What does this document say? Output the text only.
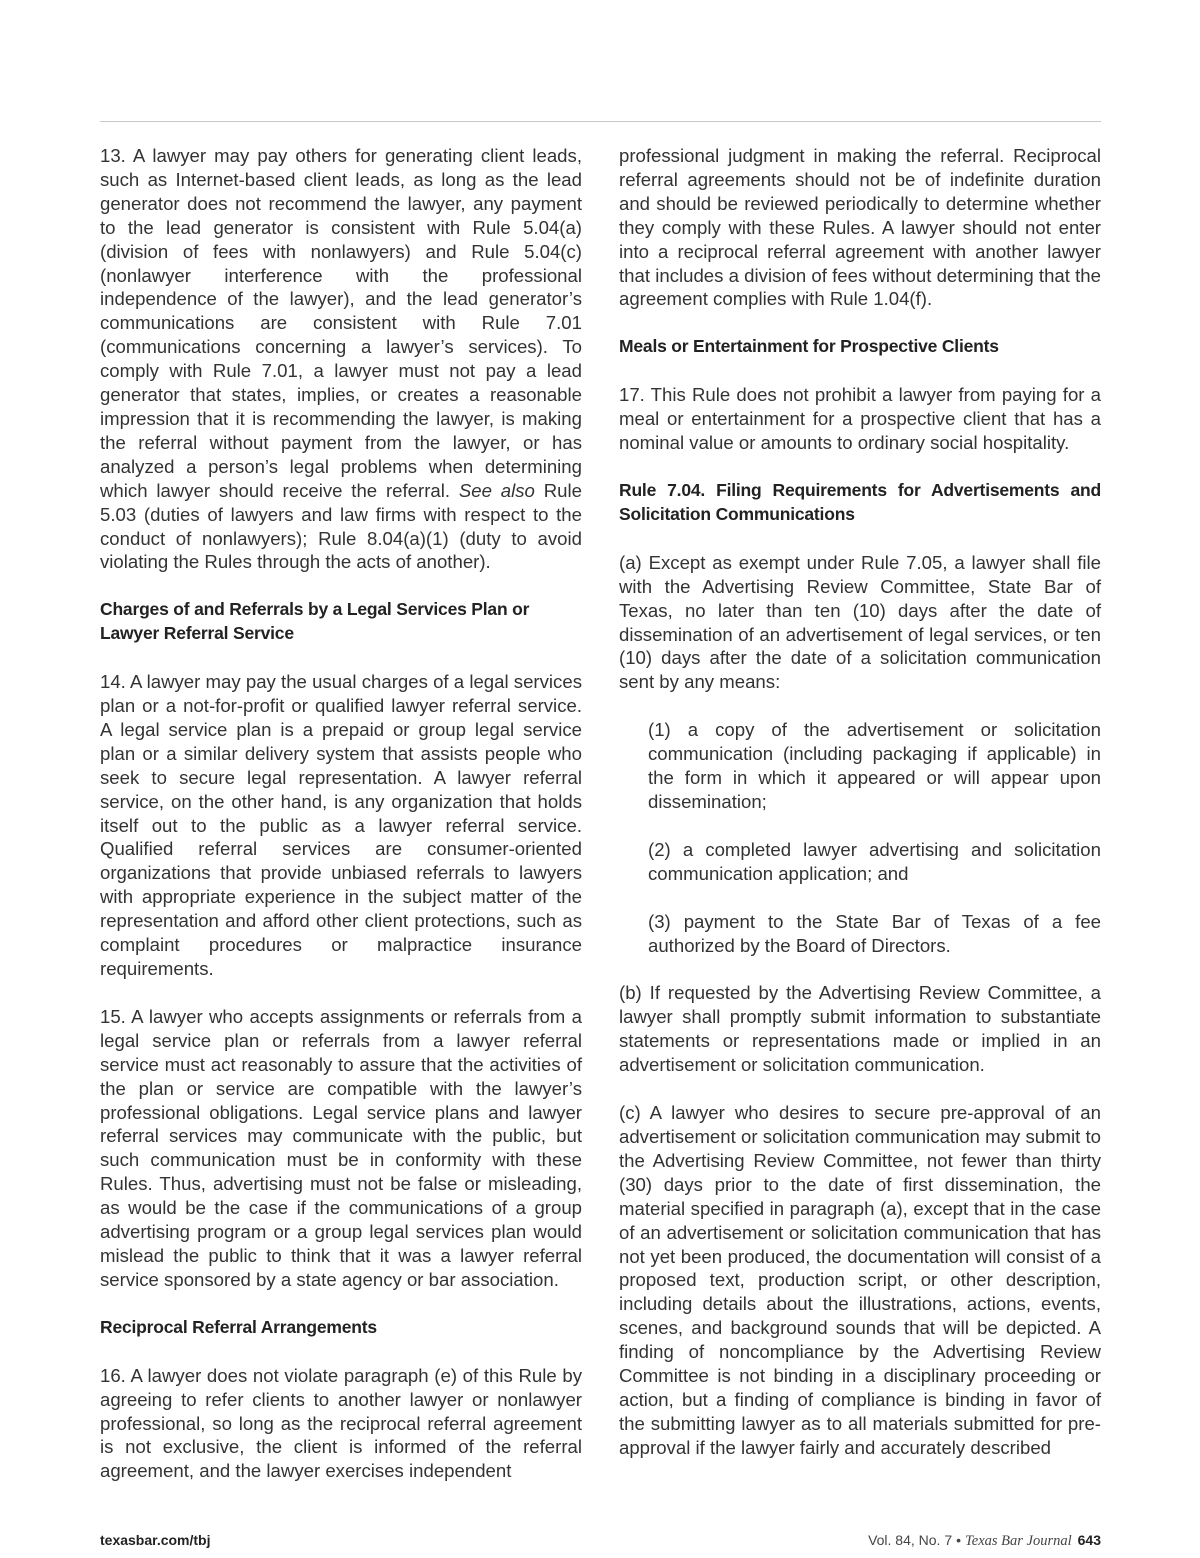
13. A lawyer may pay others for generating client leads, such as Internet-based client leads, as long as the lead generator does not recommend the lawyer, any payment to the lead generator is consistent with Rule 5.04(a) (division of fees with nonlawyers) and Rule 5.04(c) (nonlawyer interference with the professional independence of the lawyer), and the lead generator’s communications are consistent with Rule 7.01 (communications concerning a lawyer’s services). To comply with Rule 7.01, a lawyer must not pay a lead generator that states, implies, or creates a reasonable impression that it is recommending the lawyer, is making the referral without payment from the lawyer, or has analyzed a person’s legal problems when determining which lawyer should receive the referral. See also Rule 5.03 (duties of lawyers and law firms with respect to the conduct of nonlawyers); Rule 8.04(a)(1) (duty to avoid violating the Rules through the acts of another).

Charges of and Referrals by a Legal Services Plan or Lawyer Referral Service

14. A lawyer may pay the usual charges of a legal services plan or a not-for-profit or qualified lawyer referral service. A legal service plan is a prepaid or group legal service plan or a similar delivery system that assists people who seek to secure legal representation. A lawyer referral service, on the other hand, is any organization that holds itself out to the public as a lawyer referral service. Qualified referral services are consumer-oriented organizations that provide unbiased referrals to lawyers with appropriate experience in the subject matter of the representation and afford other client protections, such as complaint procedures or malpractice insurance requirements.

15. A lawyer who accepts assignments or referrals from a legal service plan or referrals from a lawyer referral service must act reasonably to assure that the activities of the plan or service are compatible with the lawyer’s professional obligations. Legal service plans and lawyer referral services may communicate with the public, but such communication must be in conformity with these Rules. Thus, advertising must not be false or misleading, as would be the case if the communications of a group advertising program or a group legal services plan would mislead the public to think that it was a lawyer referral service sponsored by a state agency or bar association.

Reciprocal Referral Arrangements

16. A lawyer does not violate paragraph (e) of this Rule by agreeing to refer clients to another lawyer or nonlawyer professional, so long as the reciprocal referral agreement is not exclusive, the client is informed of the referral agreement, and the lawyer exercises independent

professional judgment in making the referral. Reciprocal referral agreements should not be of indefinite duration and should be reviewed periodically to determine whether they comply with these Rules. A lawyer should not enter into a reciprocal referral agreement with another lawyer that includes a division of fees without determining that the agreement complies with Rule 1.04(f).

Meals or Entertainment for Prospective Clients

17. This Rule does not prohibit a lawyer from paying for a meal or entertainment for a prospective client that has a nominal value or amounts to ordinary social hospitality.

Rule 7.04. Filing Requirements for Advertisements and Solicitation Communications

(a) Except as exempt under Rule 7.05, a lawyer shall file with the Advertising Review Committee, State Bar of Texas, no later than ten (10) days after the date of dissemination of an advertisement of legal services, or ten (10) days after the date of a solicitation communication sent by any means:

(1) a copy of the advertisement or solicitation communication (including packaging if applicable) in the form in which it appeared or will appear upon dissemination;

(2) a completed lawyer advertising and solicitation communication application; and

(3) payment to the State Bar of Texas of a fee authorized by the Board of Directors.

(b) If requested by the Advertising Review Committee, a lawyer shall promptly submit information to substantiate statements or representations made or implied in an advertisement or solicitation communication.

(c) A lawyer who desires to secure pre-approval of an advertisement or solicitation communication may submit to the Advertising Review Committee, not fewer than thirty (30) days prior to the date of first dissemination, the material specified in paragraph (a), except that in the case of an advertisement or solicitation communication that has not yet been produced, the documentation will consist of a proposed text, production script, or other description, including details about the illustrations, actions, events, scenes, and background sounds that will be depicted. A finding of noncompliance by the Advertising Review Committee is not binding in a disciplinary proceeding or action, but a finding of compliance is binding in favor of the submitting lawyer as to all materials submitted for pre-approval if the lawyer fairly and accurately described

texasbar.com/tbj	Vol. 84, No. 7 • Texas Bar Journal 643
